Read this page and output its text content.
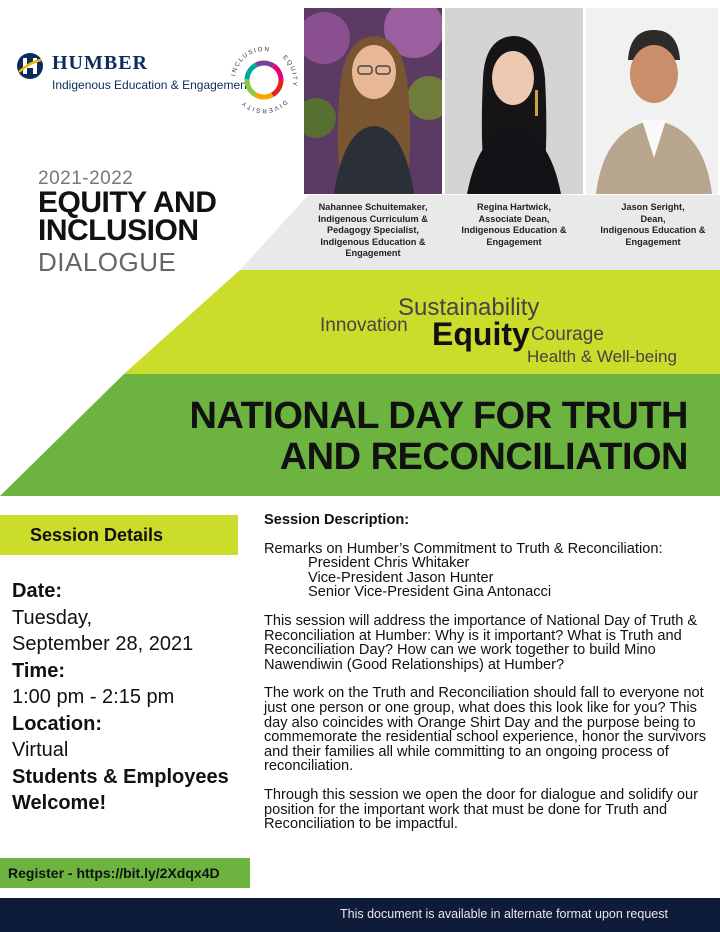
HUMBER
Indigenous Education & Engagement
INCLUSION
EQUITY
DIVERSITY
Nahannee Schuitemaker,
Indigenous Curriculum &
Pedagogy Specialist,
Indigenous Education &
Engagement
Regina Hartwick,
Associate Dean,
Indigenous Education &
Engagement
Jason Seright,
Dean,
Indigenous Education &
Engagement
2021-2022
EQUITY AND
INCLUSION
DIALOGUE
Sustainability
Innovation Equity Courage
Health & Well-being
NATIONAL DAY FOR TRUTH
AND RECONCILIATION
Session Details
Date:
Tuesday,
September 28, 2021
Time:
1:00 pm - 2:15 pm
Location:
Virtual
Students & Employees
Welcome!
Register - https://bit.ly/2Xdqx4D
Session Description:
Remarks on Humber’s Commitment to Truth & Reconciliation:
President Chris Whitaker
Vice-President Jason Hunter

Senior Vice-President Gina Antonacci

This session will address the importance of National Day of Truth & Reconciliation at Humber: Why is it important? What is Truth and Reconciliation Day? How can we work together to build Mino Nawendiwin (Good Relationships) at Humber?

The work on the Truth and Reconciliation should fall to everyone not just one person or one group, what does this look like for you? This day also coincides with Orange Shirt Day and the purpose being to commemorate the residential school experience, honor the survivors and their families all while committing to an ongoing process of reconciliation.

Through this session we open the door for dialogue and solidify our position for the important work that must be done for Truth and Reconciliation to be impactful.

This document is available in alternate format upon request
